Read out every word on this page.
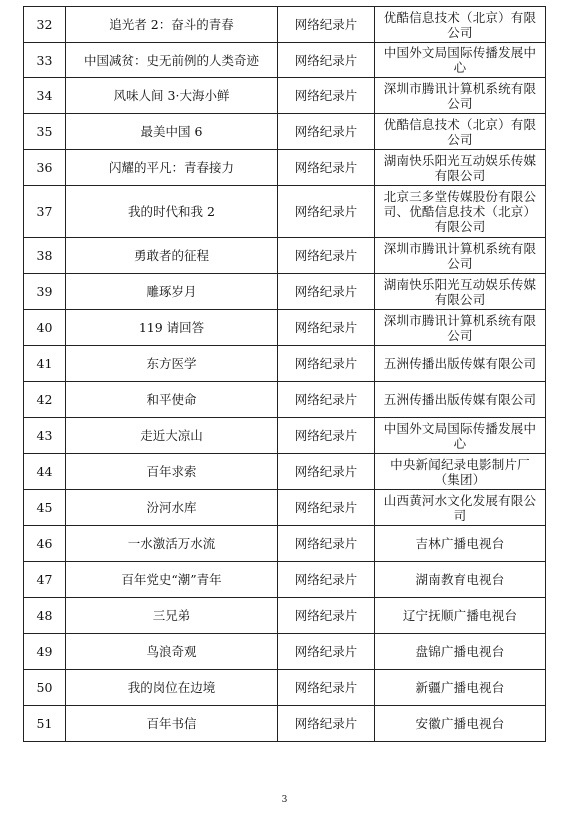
32	追光者 2：奋斗的青春	网络纪录片	优酷信息技术（北京）有限公司
33	中国减贫：史无前例的人类奇迹	网络纪录片	中国外文局国际传播发展中心
34	风味人间 3·大海小鲜	网络纪录片	深圳市腾讯计算机系统有限公司
35	最美中国 6	网络纪录片	优酷信息技术（北京）有限公司
36	闪耀的平凡：青春接力	网络纪录片	湖南快乐阳光互动娱乐传媒有限公司
37	我的时代和我 2	网络纪录片	北京三多堂传媒股份有限公司、优酷信息技术（北京）有限公司
38	勇敢者的征程	网络纪录片	深圳市腾讯计算机系统有限公司
39	雕琢岁月	网络纪录片	湖南快乐阳光互动娱乐传媒有限公司
40	119 请回答	网络纪录片	深圳市腾讯计算机系统有限公司
41	东方医学	网络纪录片	五洲传播出版传媒有限公司
42	和平使命	网络纪录片	五洲传播出版传媒有限公司
43	走近大凉山	网络纪录片	中国外文局国际传播发展中心
44	百年求索	网络纪录片	中央新闻纪录电影制片厂（集团）
45	汾河水库	网络纪录片	山西黄河水文化发展有限公司
46	一水激活万水流	网络纪录片	吉林广播电视台
47	百年党史“潮”青年	网络纪录片	湖南教育电视台
48	三兄弟	网络纪录片	辽宁抚顺广播电视台
49	鸟浪奇观	网络纪录片	盘锦广播电视台
50	我的岗位在边境	网络纪录片	新疆广播电视台
51	百年书信	网络纪录片	安徽广播电视台
3
